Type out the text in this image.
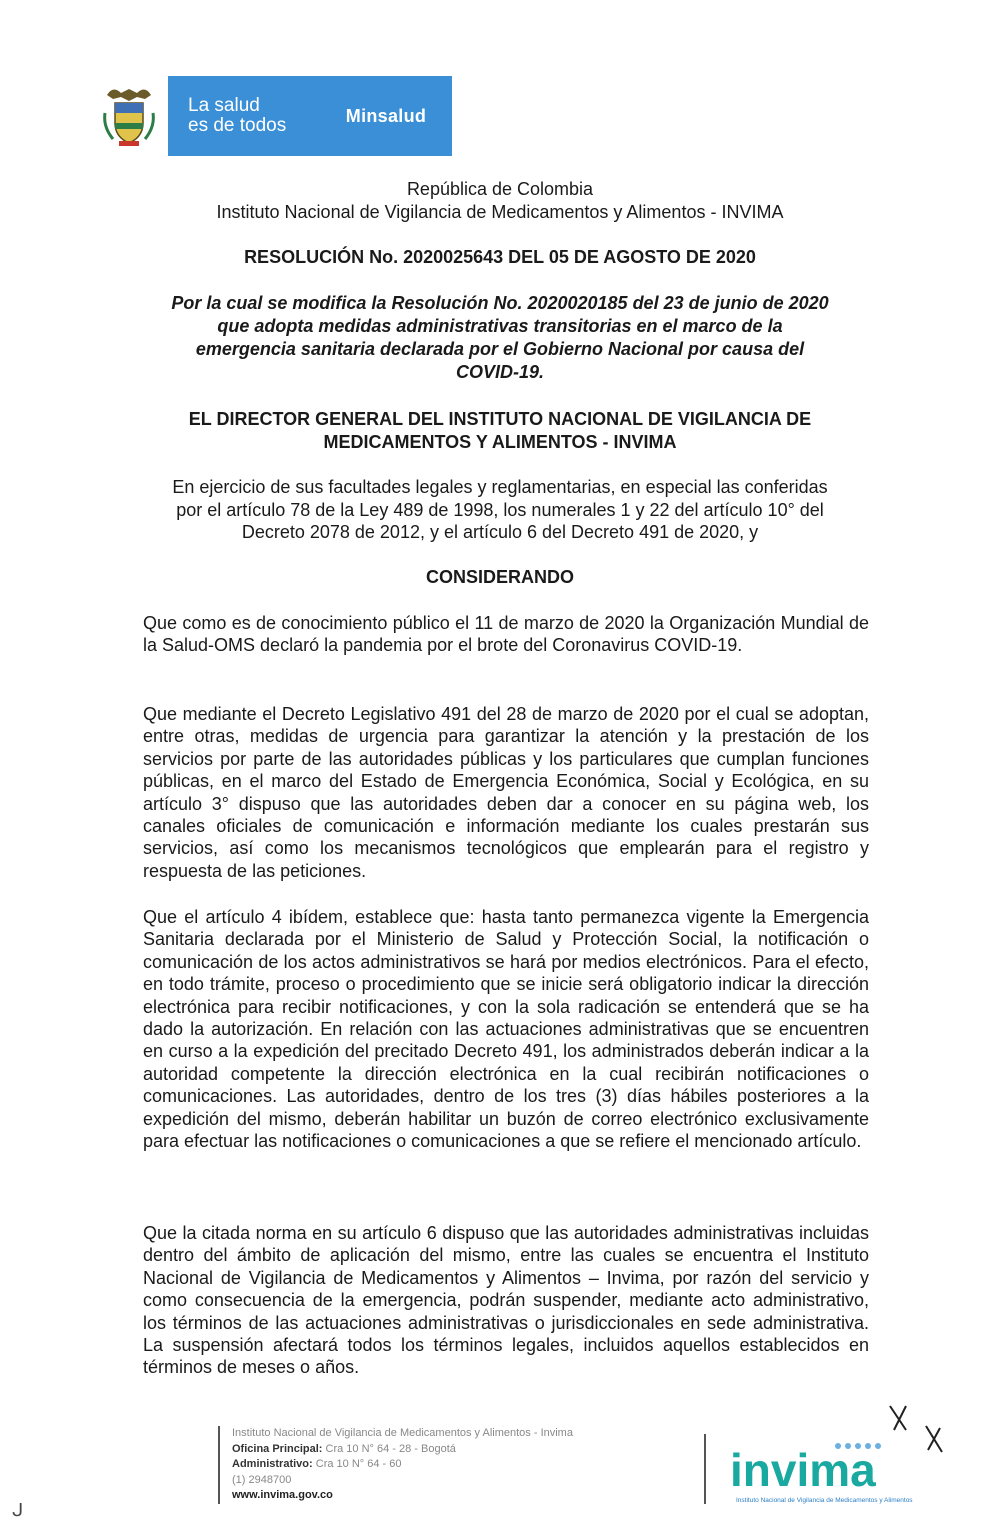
La salud
es de todos	Minsalud
República de Colombia
Instituto Nacional de Vigilancia de Medicamentos y Alimentos - INVIMA
RESOLUCIÓN No. 2020025643 DEL 05 DE AGOSTO DE 2020
Por la cual se modifica la Resolución No. 2020020185 del 23 de junio de 2020
que adopta medidas administrativas transitorias en el marco de la
emergencia sanitaria declarada por el Gobierno Nacional por causa del
COVID-19.
EL DIRECTOR GENERAL DEL INSTITUTO NACIONAL DE VIGILANCIA DE
MEDICAMENTOS Y ALIMENTOS - INVIMA
En ejercicio de sus facultades legales y reglamentarias, en especial las conferidas
por el artículo 78 de la Ley 489 de 1998, los numerales 1 y 22 del artículo 10° del
Decreto 2078 de 2012, y el artículo 6 del Decreto 491 de 2020, y
CONSIDERANDO
Que como es de conocimiento público el 11 de marzo de 2020 la Organización Mundial de la Salud-OMS declaró la pandemia por el brote del Coronavirus COVID-19.
Que mediante el Decreto Legislativo 491 del 28 de marzo de 2020 por el cual se adoptan, entre otras, medidas de urgencia para garantizar la atención y la prestación de los servicios por parte de las autoridades públicas y los particulares que cumplan funciones públicas, en el marco del Estado de Emergencia Económica, Social y Ecológica, en su artículo 3° dispuso que las autoridades deben dar a conocer en su página web, los canales oficiales de comunicación e información mediante los cuales prestarán sus servicios, así como los mecanismos tecnológicos que emplearán para el registro y respuesta de las peticiones.
Que el artículo 4 ibídem, establece que: hasta tanto permanezca vigente la Emergencia Sanitaria declarada por el Ministerio de Salud y Protección Social, la notificación o comunicación de los actos administrativos se hará por medios electrónicos. Para el efecto, en todo trámite, proceso o procedimiento que se inicie será obligatorio indicar la dirección electrónica para recibir notificaciones, y con la sola radicación se entenderá que se ha dado la autorización. En relación con las actuaciones administrativas que se encuentren en curso a la expedición del precitado Decreto 491, los administrados deberán indicar a la autoridad competente la dirección electrónica en la cual recibirán notificaciones o comunicaciones. Las autoridades, dentro de los tres (3) días hábiles posteriores a la expedición del mismo, deberán habilitar un buzón de correo electrónico exclusivamente para efectuar las notificaciones o comunicaciones a que se refiere el mencionado artículo.
Que la citada norma en su artículo 6 dispuso que las autoridades administrativas incluidas dentro del ámbito de aplicación del mismo, entre las cuales se encuentra el Instituto Nacional de Vigilancia de Medicamentos y Alimentos – Invima, por razón del servicio y como consecuencia de la emergencia, podrán suspender, mediante acto administrativo, los términos de las actuaciones administrativas o jurisdiccionales en sede administrativa. La suspensión afectará todos los términos legales, incluidos aquellos establecidos en términos de meses o años.
Instituto Nacional de Vigilancia de Medicamentos y Alimentos - Invima
Oficina Principal: Cra 10 N° 64 - 28 - Bogotá
Administrativo: Cra 10 N° 64 - 60
(1) 2948700
www.invima.gov.co	invima
Instituto Nacional de Vigilancia de Medicamentos y Alimentos
ᒍ
